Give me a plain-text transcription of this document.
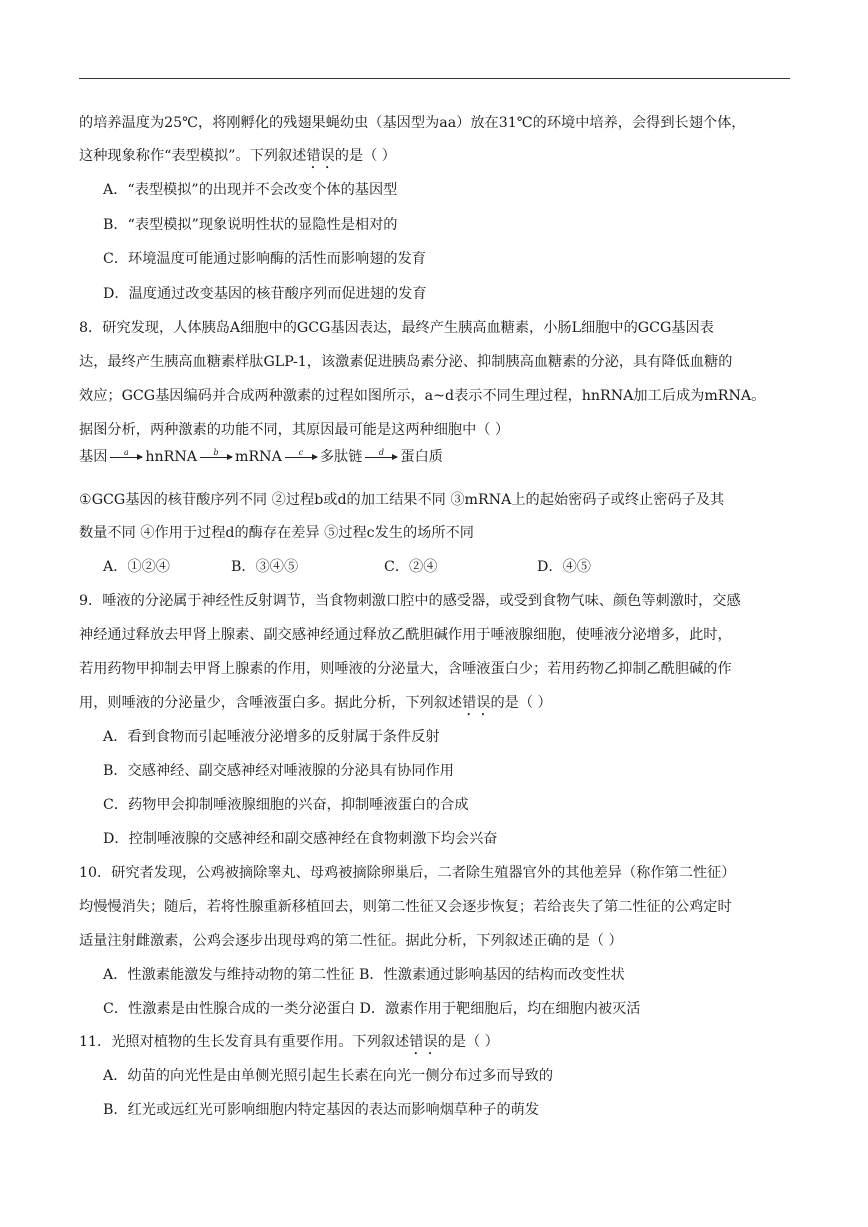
的培养温度为25℃，将刚孵化的残翅果蝇幼虫（基因型为aa）放在31℃的环境中培养，会得到长翅个体，
这种现象称作“表型模拟”。下列叙述错误的是（ ）
A．“表型模拟”的出现并不会改变个体的基因型
B．“表型模拟”现象说明性状的显隐性是相对的
C．环境温度可能通过影响酶的活性而影响翅的发育
D．温度通过改变基因的核苷酸序列而促进翅的发育
8．研究发现，人体胰岛A细胞中的GCG基因表达，最终产生胰高血糖素，小肠L细胞中的GCG基因表
达，最终产生胰高血糖素样肽GLP-1，该激素促进胰岛素分泌、抑制胰高血糖素的分泌，具有降低血糖的
效应；GCG基因编码并合成两种激素的过程如图所示，a~d表示不同生理过程，hnRNA加工后成为mRNA。
据图分析，两种激素的功能不同，其原因最可能是这两种细胞中（ ）
基因 a hnRNA b mRNA c 多肽链 d 蛋白质
①GCG基因的核苷酸序列不同 ②过程b或d的加工结果不同 ③mRNA上的起始密码子或终止密码子及其
数量不同 ④作用于过程d的酶存在差异 ⑤过程c发生的场所不同
A．①②④	B．③④⑤	C．②④	D．④⑤
9．唾液的分泌属于神经性反射调节，当食物刺激口腔中的感受器，或受到食物气味、颜色等刺激时，交感
神经通过释放去甲肾上腺素、副交感神经通过释放乙酰胆碱作用于唾液腺细胞，使唾液分泌增多，此时，
若用药物甲抑制去甲肾上腺素的作用，则唾液的分泌量大，含唾液蛋白少；若用药物乙抑制乙酰胆碱的作
用，则唾液的分泌量少，含唾液蛋白多。据此分析，下列叙述错误的是（ ）
A．看到食物而引起唾液分泌增多的反射属于条件反射
B．交感神经、副交感神经对唾液腺的分泌具有协同作用
C．药物甲会抑制唾液腺细胞的兴奋，抑制唾液蛋白的合成
D．控制唾液腺的交感神经和副交感神经在食物刺激下均会兴奋
10．研究者发现，公鸡被摘除睾丸、母鸡被摘除卵巢后，二者除生殖器官外的其他差异（称作第二性征）
均慢慢消失；随后，若将性腺重新移植回去，则第二性征又会逐步恢复；若给丧失了第二性征的公鸡定时
适量注射雌激素，公鸡会逐步出现母鸡的第二性征。据此分析，下列叙述正确的是（ ）
A．性激素能激发与维持动物的第二性征 B．性激素通过影响基因的结构而改变性状
C．性激素是由性腺合成的一类分泌蛋白 D．激素作用于靶细胞后，均在细胞内被灭活
11．光照对植物的生长发育具有重要作用。下列叙述错误的是（ ）
A．幼苗的向光性是由单侧光照引起生长素在向光一侧分布过多而导致的
B．红光或远红光可影响细胞内特定基因的表达而影响烟草种子的萌发
